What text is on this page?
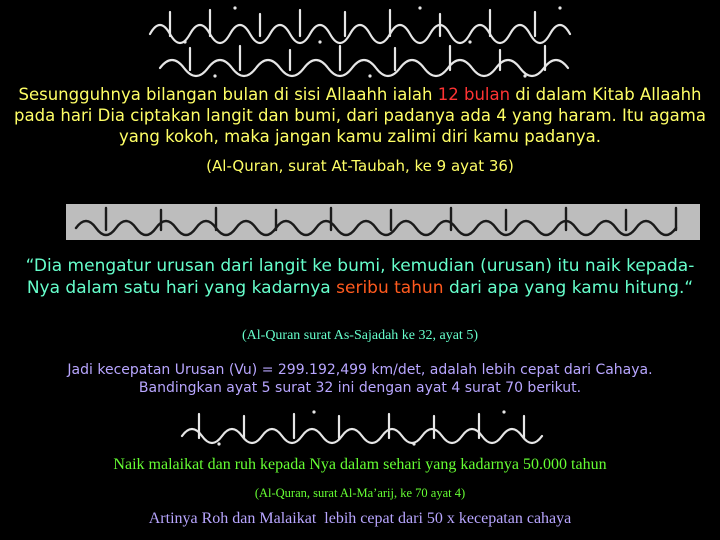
Sesungguhnya bilangan bulan di sisi Allaahh ialah 12 bulan di dalam Kitab Allaahh pada hari Dia ciptakan langit dan bumi, dari padanya ada 4 yang haram. Itu agama yang kokoh, maka jangan kamu zalimi diri kamu padanya.
(Al-Quran, surat At-Taubah, ke 9 ayat 36)
“Dia mengatur urusan dari langit ke bumi, kemudian (urusan) itu naik kepada-Nya dalam satu hari yang kadarnya seribu tahun dari apa yang kamu hitung.“
(Al-Quran surat As-Sajadah ke 32, ayat 5)
Jadi kecepatan Urusan (Vu) = 299.192,499 km/det, adalah lebih cepat dari Cahaya.
Bandingkan ayat 5 surat 32 ini dengan ayat 4 surat 70 berikut.
Naik malaikat dan ruh kepada Nya dalam sehari yang kadarnya 50.000 tahun
(Al-Quran, surat Al-Ma’arij, ke 70 ayat 4)
Artinya Roh dan Malaikat  lebih cepat dari 50 x kecepatan cahaya
